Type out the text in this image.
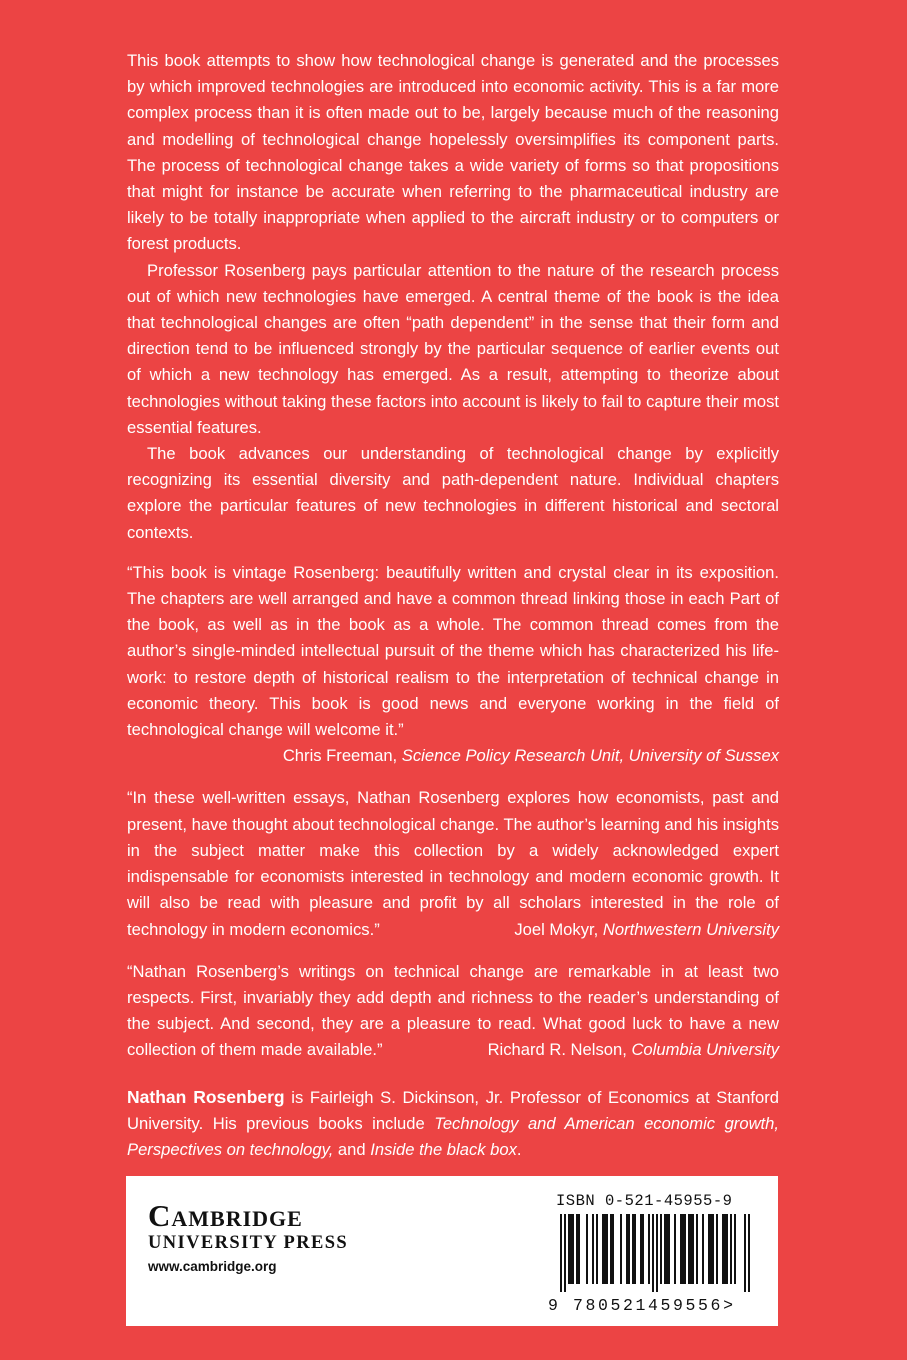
This book attempts to show how technological change is generated and the processes by which improved technologies are introduced into economic activity. This is a far more complex process than it is often made out to be, largely because much of the reasoning and modelling of technological change hopelessly oversimplifies its component parts. The process of technological change takes a wide variety of forms so that propositions that might for instance be accurate when referring to the pharmaceutical industry are likely to be totally inappropriate when applied to the aircraft industry or to computers or forest products.

Professor Rosenberg pays particular attention to the nature of the research process out of which new technologies have emerged. A central theme of the book is the idea that technological changes are often “path dependent” in the sense that their form and direction tend to be influenced strongly by the particular sequence of earlier events out of which a new technology has emerged. As a result, attempting to theorize about technologies without taking these factors into account is likely to fail to capture their most essential features.

The book advances our understanding of technological change by explicitly recognizing its essential diversity and path-dependent nature. Individual chapters explore the particular features of new technologies in different historical and sectoral contexts.

“This book is vintage Rosenberg: beautifully written and crystal clear in its exposition. The chapters are well arranged and have a common thread linking those in each Part of the book, as well as in the book as a whole. The common thread comes from the author’s single-minded intellectual pursuit of the theme which has characterized his life-work: to restore depth of historical realism to the interpretation of technical change in economic theory. This book is good news and everyone working in the field of technological change will welcome it.”
Chris Freeman, Science Policy Research Unit, University of Sussex

“In these well-written essays, Nathan Rosenberg explores how economists, past and present, have thought about technological change. The author’s learning and his insights in the subject matter make this collection by a widely acknowledged expert indispensable for economists interested in technology and modern economic growth. It will also be read with pleasure and profit by all scholars interested in the role of technology in modern economics.”	Joel Mokyr, Northwestern University

“Nathan Rosenberg’s writings on technical change are remarkable in at least two respects. First, invariably they add depth and richness to the reader’s understanding of the subject. And second, they are a pleasure to read. What good luck to have a new collection of them made available.”	Richard R. Nelson, Columbia University

Nathan Rosenberg is Fairleigh S. Dickinson, Jr. Professor of Economics at Stanford University. His previous books include Technology and American economic growth, Perspectives on technology, and Inside the black box.

Cambridge
UNIVERSITY PRESS
www.cambridge.org
ISBN 0-521-45955-9
9 780521459556>
